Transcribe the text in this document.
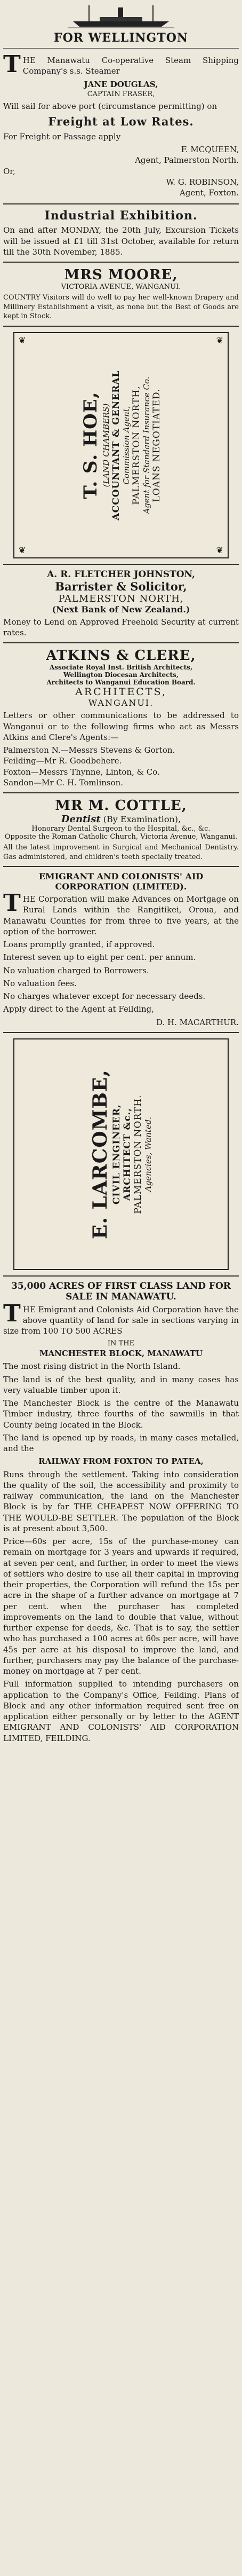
FOR WELLINGTON
T HE Manawatu Co-operative Steam Shipping Company's s.s. Steamer
JANE DOUGLAS,
CAPTAIN FRASER,
Will sail for above port (circumstance permitting) on
Freight at Low Rates.
For Freight or Passage apply
F. MCQUEEN,
Agent, Palmerston North.
Or,
W. G. ROBINSON,
Agent, Foxton.
Industrial Exhibition.
On and after MONDAY, the 20th July, Excursion Tickets will be issued at £1 till 31st October, available for return till the 30th November, 1885.
MRS MOORE,
VICTORIA AVENUE, WANGANUI.
COUNTRY Visitors will do well to pay her well-known Drapery and Millinery Establishment a visit, as none but the Best of Goods are kept in Stock.
❦	❦
❦	❦
T. S. HOE, (LAND CHAMBERS) ACCOUNTANT & GENERAL Commission Agent, PALMERSTON NORTH, Agent for Standard Insurance Co. LOANS NEGOTIATED.
A. R. FLETCHER JOHNSTON,
Barrister & Solicitor,
PALMERSTON NORTH,
(Next Bank of New Zealand.)
Money to Lend on Approved Freehold Security at current rates.
ATKINS & CLERE,
Associate Royal Inst. British Architects,
Wellington Diocesan Architects,
Architects to Wanganui Education Board.
ARCHITECTS,
WANGANUI.
Letters or other communications to be addressed to Wanganui or to the following firms who act as Messrs Atkins and Clere's Agents:—
Palmerston N.—Messrs Stevens & Gorton.
Feilding—Mr R. Goodbehere.
Foxton—Messrs Thynne, Linton, & Co.
Sandon—Mr C. H. Tomlinson.
MR M. COTTLE,
Dentist (By Examination),
Honorary Dental Surgeon to the Hospital, &c., &c.
Opposite the Roman Catholic Church, Victoria Avenue, Wanganui.
All the latest improvement in Surgical and Mechanical Dentistry. Gas administered, and children's teeth specially treated.
EMIGRANT AND COLONISTS' AID CORPORATION (LIMITED).
T HE Corporation will make Advances on Mortgage on Rural Lands within the Rangitikei, Oroua, and Manawatu Counties for from three to five years, at the option of the borrower.
Loans promptly granted, if approved.
Interest seven up to eight per cent. per annum.
No valuation charged to Borrowers.
No valuation fees.
No charges whatever except for necessary deeds.
Apply direct to the Agent at Feilding,
D. H. MACARTHUR.
E. LARCOMBE, CIVIL ENGINEER, ARCHITECT &c., PALMERSTON NORTH. Agencies, Wanted.
35,000 ACRES OF FIRST CLASS LAND FOR SALE IN MANAWATU.
T HE Emigrant and Colonists Aid Corporation have the above quantity of land for sale in sections varying in size from 100 TO 500 ACRES
IN THE
MANCHESTER BLOCK, MANAWATU
The most rising district in the North Island.
The land is of the best quality, and in many cases has very valuable timber upon it.
The Manchester Block is the centre of the Manawatu Timber industry, three fourths of the sawmills in that County being located in the Block.
The land is opened up by roads, in many cases metalled, and the
RAILWAY FROM FOXTON TO PATEA,
Runs through the settlement. Taking into consideration the quality of the soil, the accessibility and proximity to railway communication, the land on the Manchester Block is by far THE CHEAPEST NOW OFFERING TO THE WOULD-BE SETTLER. The population of the Block is at present about 3,500.
Price—60s per acre, 15s of the purchase-money can remain on mortgage for 3 years and upwards if required, at seven per cent, and further, in order to meet the views of settlers who desire to use all their capital in improving their properties, the Corporation will refund the 15s per acre in the shape of a further advance on mortgage at 7 per cent. when the purchaser has completed improvements on the land to double that value, without further expense for deeds, &c. That is to say, the settler who has purchased a 100 acres at 60s per acre, will have 45s per acre at his disposal to improve the land, and further, purchasers may pay the balance of the purchase-money on mortgage at 7 per cent.
Full information supplied to intending purchasers on application to the Company's Office, Feilding. Plans of Block and any other information required sent free on application either personally or by letter to the AGENT EMIGRANT AND COLONISTS' AID CORPORATION LIMITED, FEILDING.
